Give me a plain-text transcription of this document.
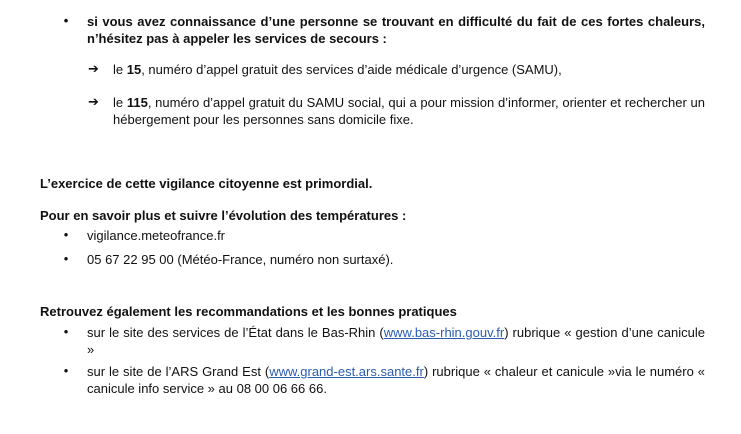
• si vous avez connaissance d’une personne se trouvant en difficulté du fait de ces fortes chaleurs, n’hésitez pas à appeler les services de secours :
➔ le 15, numéro d’appel gratuit des services d’aide médicale d’urgence (SAMU),
➔ le 115, numéro d’appel gratuit du SAMU social, qui a pour mission d’informer, orienter et rechercher un hébergement pour les personnes sans domicile fixe.
L’exercice de cette vigilance citoyenne est primordial.
Pour en savoir plus et suivre l’évolution des températures :
• vigilance.meteofrance.fr
• 05 67 22 95 00 (Météo-France, numéro non surtaxé).
Retrouvez également les recommandations et les bonnes pratiques
• sur le site des services de l’État dans le Bas-Rhin (www.bas-rhin.gouv.fr) rubrique « gestion d’une canicule »
• sur le site de l’ARS Grand Est (www.grand-est.ars.sante.fr) rubrique « chaleur et canicule »via le numéro « canicule info service » au 08 00 06 66 66.
